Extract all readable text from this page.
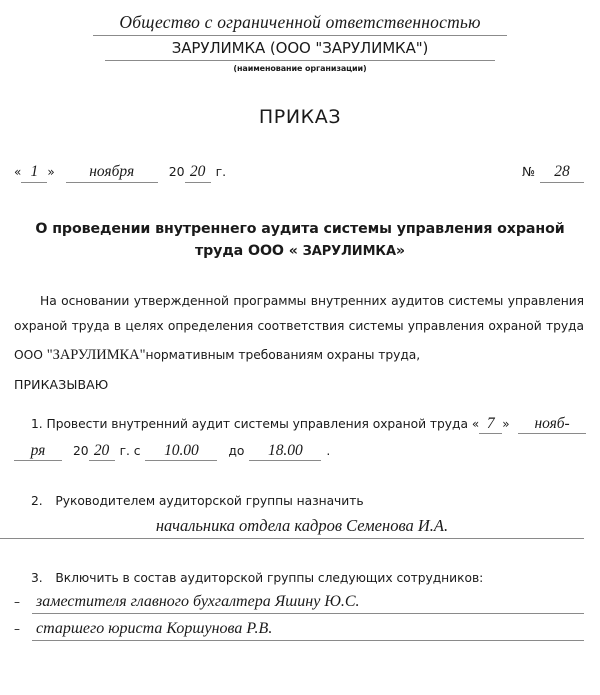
Общество с ограниченной ответственностью
ЗАРУЛИМКА (ООО "ЗАРУЛИМКА")
(наименование организации)
ПРИКАЗ
« 1 »	ноября	20 20 г.	№	28
О проведении внутреннего аудита системы управления охраной
труда ООО « ЗАРУЛИМКА»
На основании утвержденной программы внутренних аудитов системы управления охраной труда в целях определения соответствия системы управления охраной труда ООО "ЗАРУЛИМКА"нормативным требованиям охраны труда,
ПРИКАЗЫВАЮ
1. Провести внутренний аудит системы управления охраной труда « 7 »	нояб-
ря	20 20 г. с	10.00	до	18.00	.
2. Руководителем аудиторской группы назначить
начальника отдела кадров Семенова И.А.
3. Включить в состав аудиторской группы следующих сотрудников:
–	заместителя главного бухгалтера Яшину Ю.С.
–	старшего юриста Коршунова Р.В.
